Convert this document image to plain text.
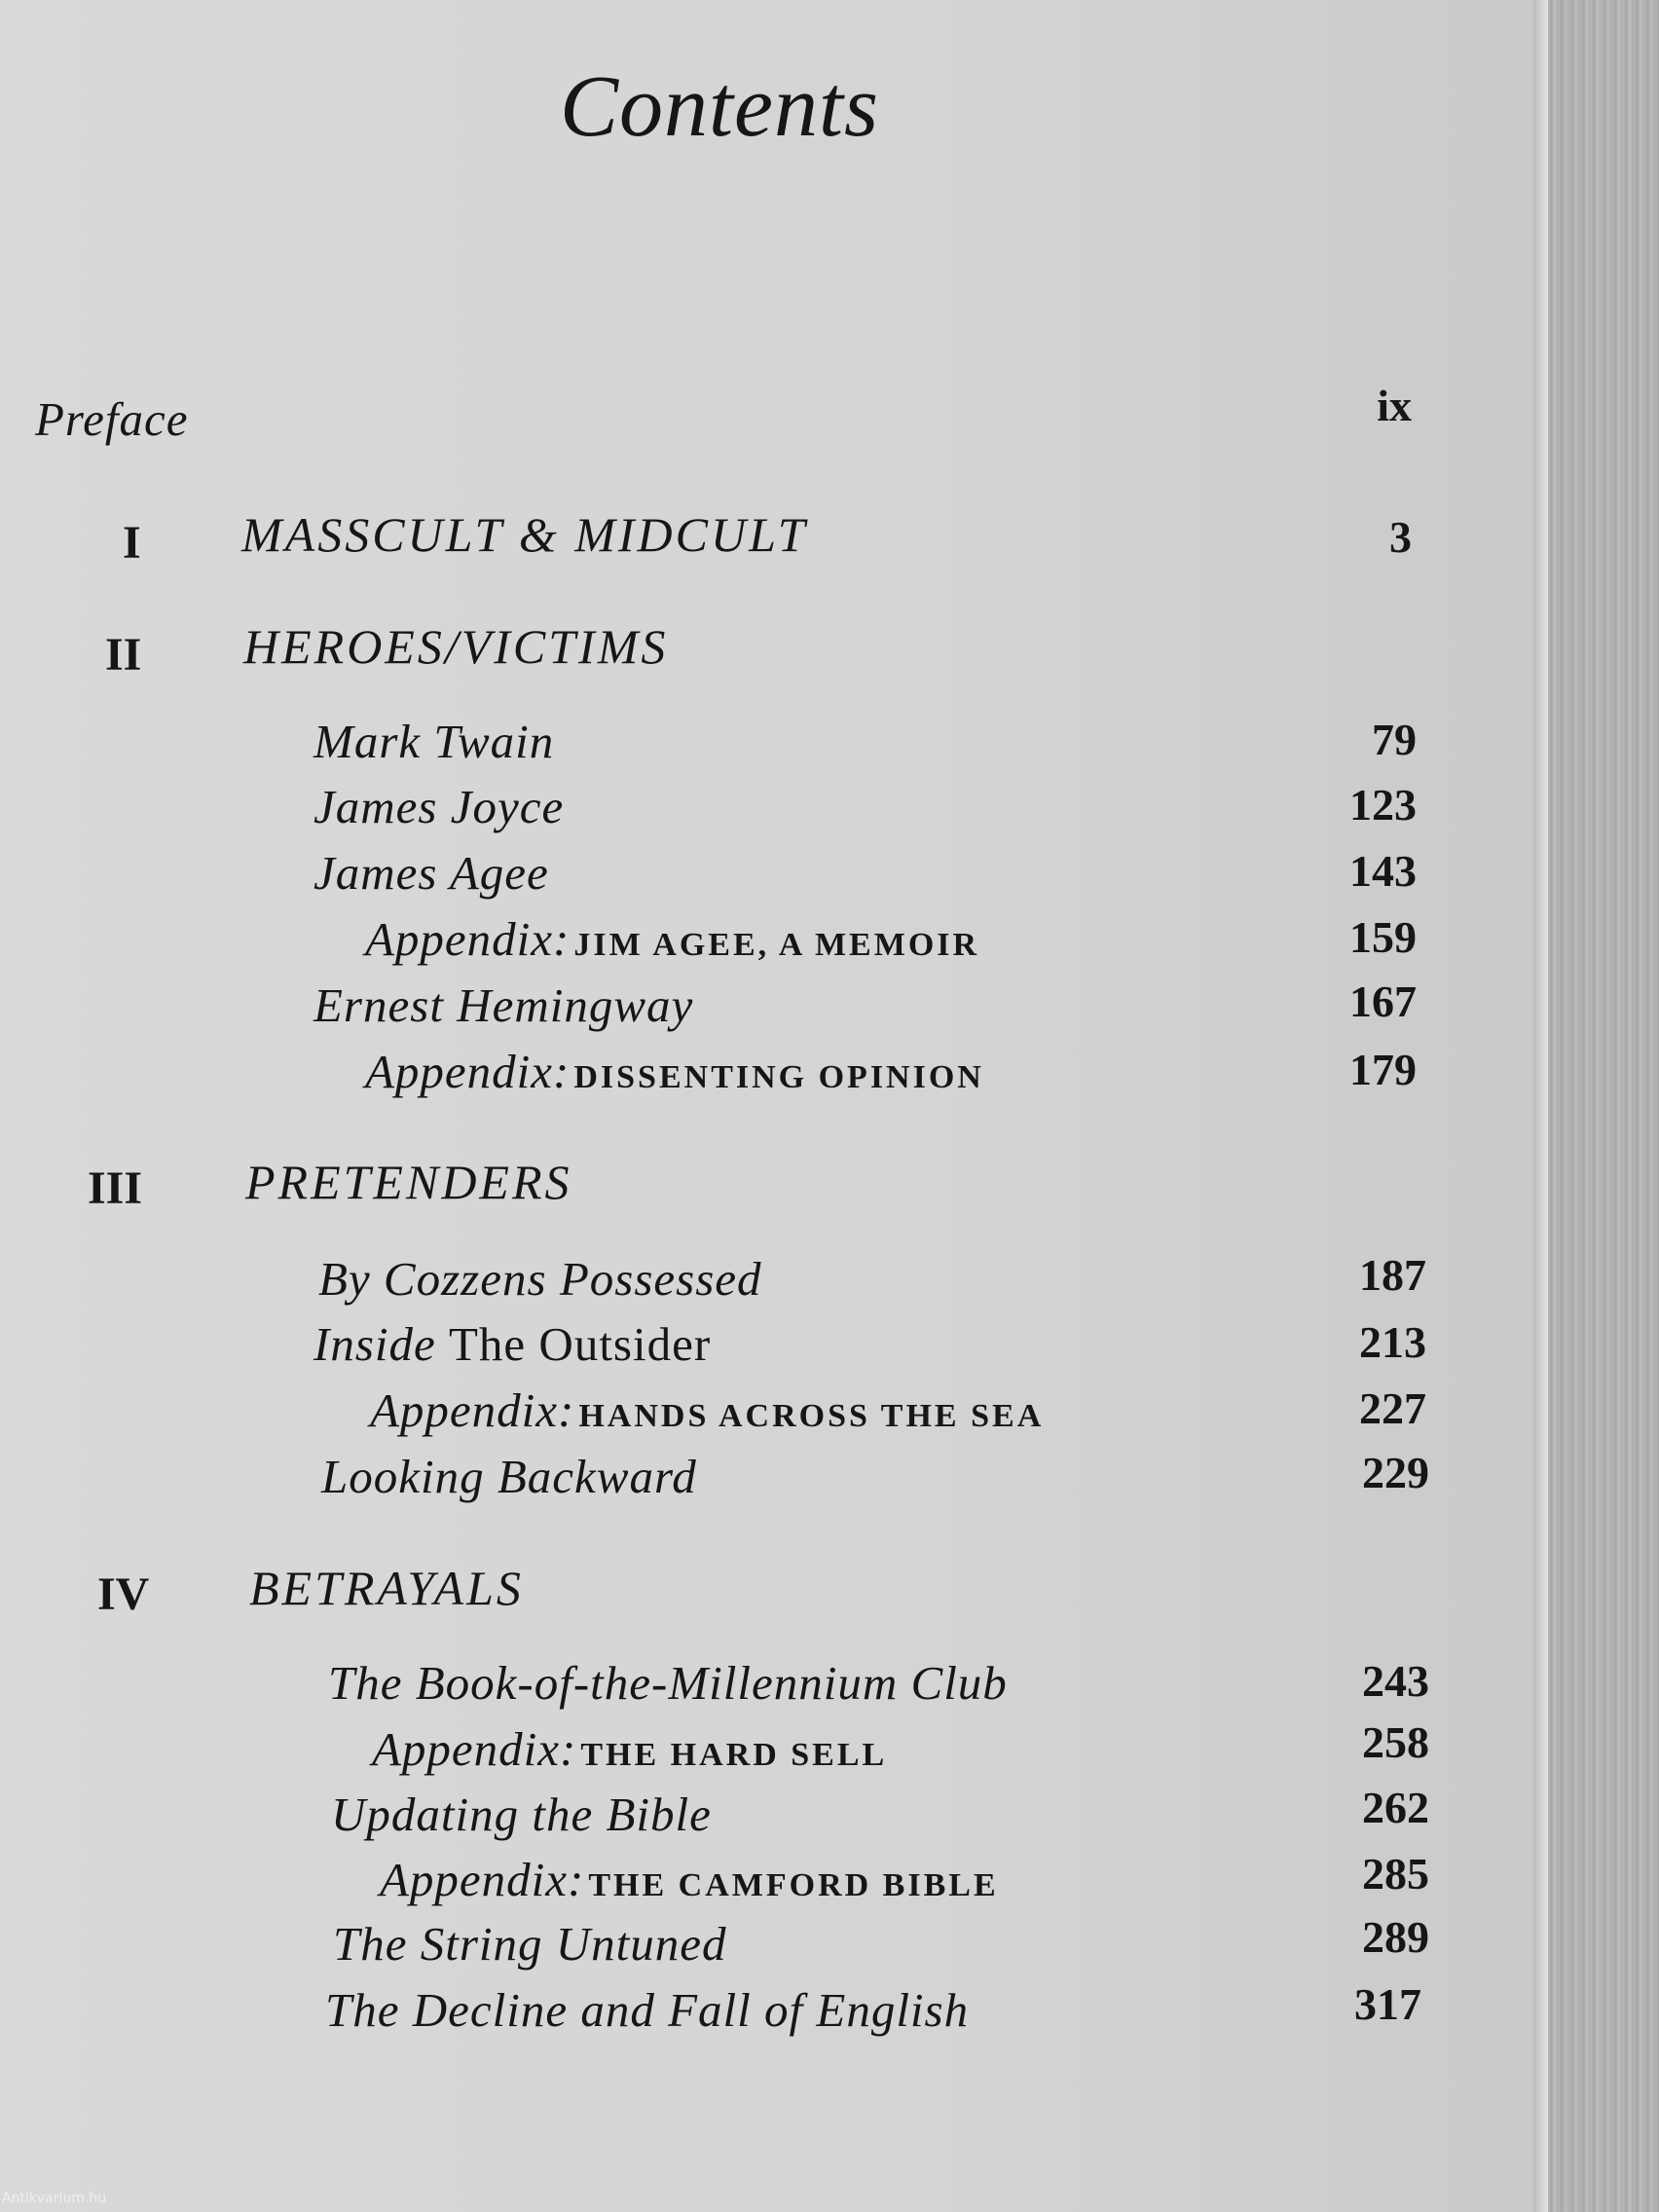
Contents
Preface	ix
I MASSCULT & MIDCULT	3
II HEROES/VICTIMS
Mark Twain	79
James Joyce	123
James Agee	143
Appendix: JIM AGEE, A MEMOIR	159
Ernest Hemingway	167
Appendix: DISSENTING OPINION	179
III PRETENDERS
By Cozzens Possessed	187
Inside The Outsider	213
Appendix: HANDS ACROSS THE SEA	227
Looking Backward	229
IV BETRAYALS
The Book-of-the-Millennium Club	243
Appendix: THE HARD SELL	258
Updating the Bible	262
Appendix: THE CAMFORD BIBLE	285
The String Untuned	289
The Decline and Fall of English	317
Antikvarium.hu
